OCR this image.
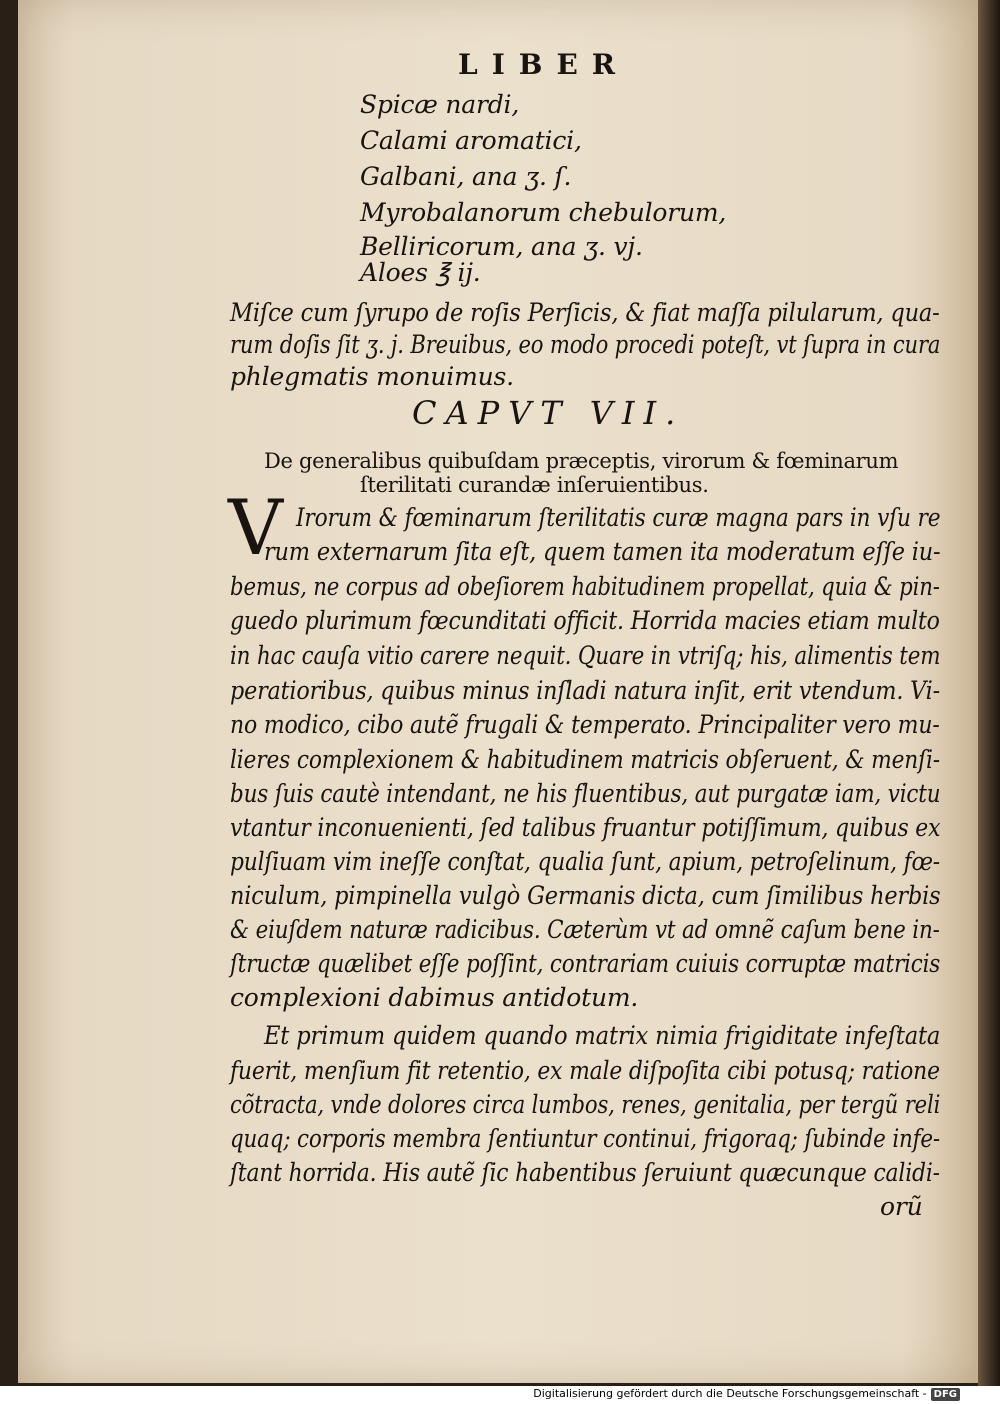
LIBER
Spicæ nardi,
Calami aromatici,
Galbani, ana ʒ. ſ.
Myrobalanorum chebulorum,
Belliricorum, ana ʒ. vj.
Aloes ℥ ij.
Miſce cum ſyrupo de roſis Perſicis, & fiat maſſa pilularum, qua-
rum doſis ſit ʒ. j. Breuibus, eo modo procedi poteſt, vt ſupra in cura
phlegmatis monuimus.
CAPVT VII.
De generalibus quibuſdam præceptis, virorum & fœminarum
ſterilitati curandæ inſeruientibus.
V Irorum & fœminarum ſterilitatis curæ magna pars in vſu re
rum externarum ſita eſt, quem tamen ita moderatum eſſe iu-
bemus, ne corpus ad obeſiorem habitudinem propellat, quia & pin-
guedo plurimum fœcunditati officit. Horrida macies etiam multo
in hac cauſa vitio carere nequit. Quare in vtriſq; his, alimentis tem
peratioribus, quibus minus inſladi natura inſit, erit vtendum. Vi-
no modico, cibo autẽ frugali & temperato. Principaliter vero mu-
lieres complexionem & habitudinem matricis obſeruent, & menſi-
bus ſuis cautè intendant, ne his fluentibus, aut purgatæ iam, victu
vtantur inconuenienti, ſed talibus fruantur potiſſimum, quibus ex
pulſiuam vim ineſſe conſtat, qualia ſunt, apium, petroſelinum, fœ-
niculum, pimpinella vulgò Germanis dicta, cum ſimilibus herbis
& eiuſdem naturæ radicibus. Cæterùm vt ad omnẽ caſum bene in-
ſtructæ quælibet eſſe poſſint, contrariam cuiuis corruptæ matricis
complexioni dabimus antidotum.
Et primum quidem quando matrix nimia frigiditate infeſtata
fuerit, menſium fit retentio, ex male diſpoſita cibi potusq; ratione
cõtracta, vnde dolores circa lumbos, renes, genitalia, per tergũ reli
quaq; corporis membra ſentiuntur continui, frigoraq; ſubinde infe-
ſtant horrida. His autẽ ſic habentibus ſeruiunt quæcunque calidi-
orũ
Digitalisierung gefördert durch die Deutsche Forschungsgemeinschaft - DFG
